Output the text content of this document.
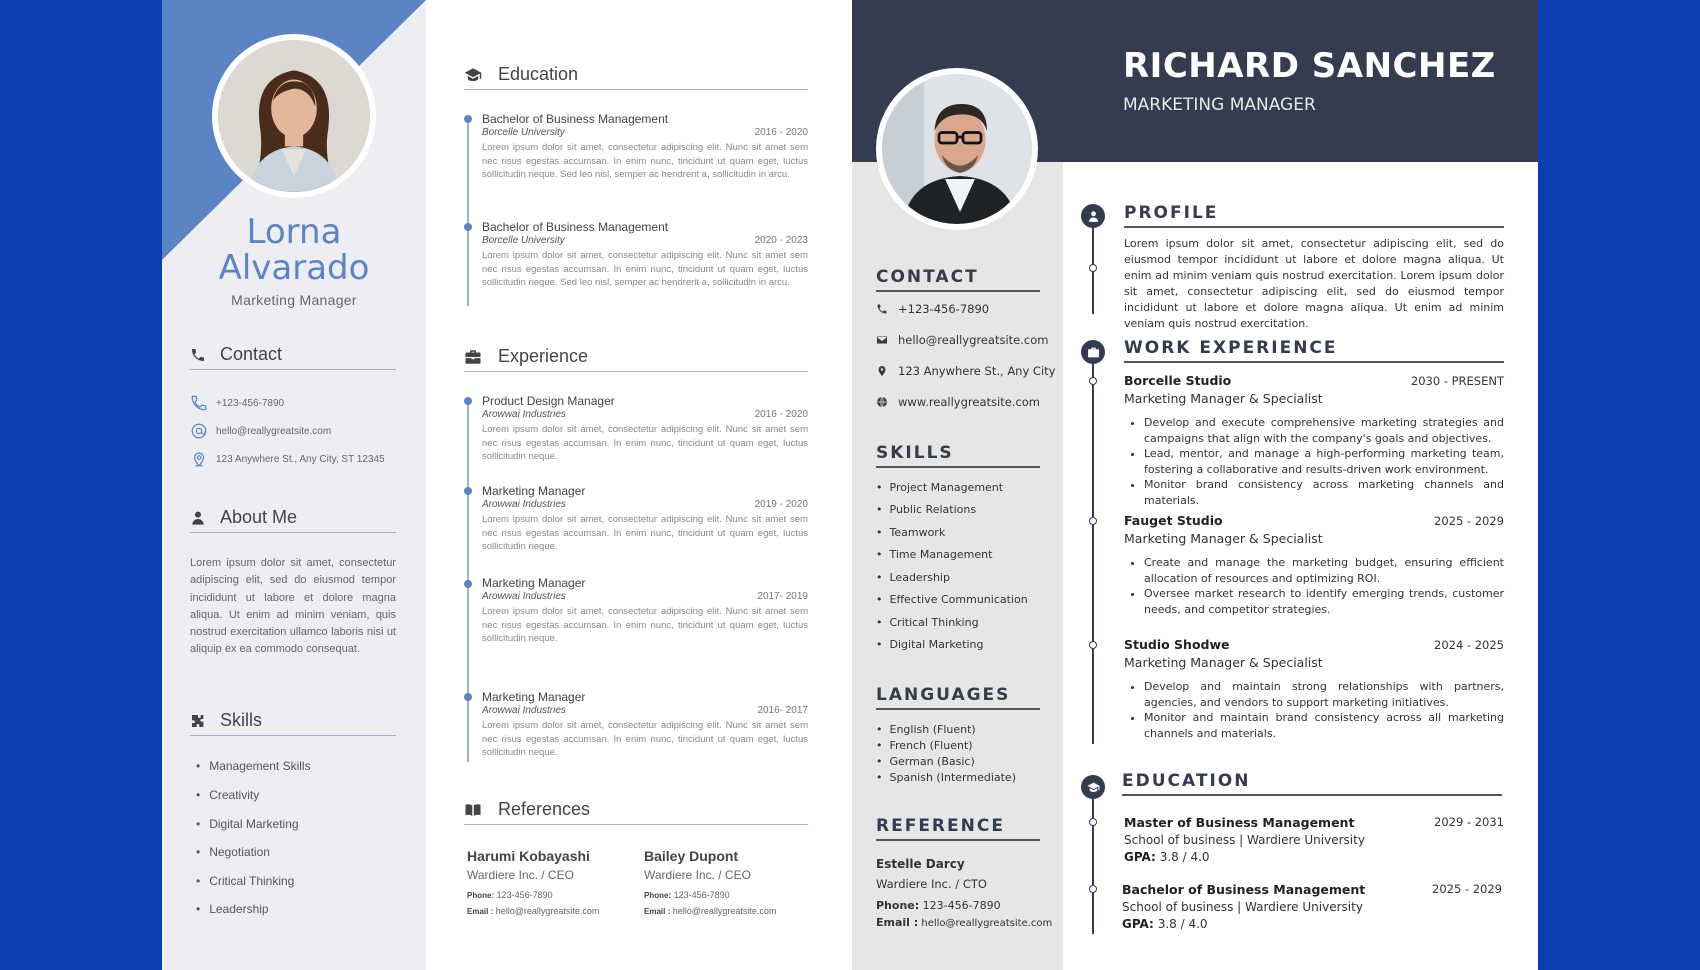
Lorna
Alvarado
Marketing Manager
Contact
+123-456-7890
hello@reallygreatsite.com
123 Anywhere St., Any City, ST 12345
About Me
Lorem ipsum dolor sit amet, consectetur adipiscing elit, sed do eiusmod tempor incididunt ut labore et dolore magna aliqua. Ut enim ad minim veniam, quis nostrud exercitation ullamco laboris nisi ut aliquip ex ea commodo consequat.
Skills
• Management Skills
• Creativity
• Digital Marketing
• Negotiation
• Critical Thinking
• Leadership
Education
Bachelor of Business Management
Borcelle University	2016 - 2020
Lorem ipsum dolor sit amet, consectetur adipiscing elit. Nunc sit amet sem nec risus egestas accumsan. In enim nunc, tincidunt ut quam eget, luctus sollicitudin neque. Sed leo nisl, semper ac hendrerit a, sollicitudin in arcu.
Bachelor of Business Management
Borcelle University	2020 - 2023
Lorem ipsum dolor sit amet, consectetur adipiscing elit. Nunc sit amet sem nec risus egestas accumsan. In enim nunc, tincidunt ut quam eget, luctus sollicitudin neque. Sed leo nisl, semper ac hendrerit a, sollicitudin in arcu.
Experience
Product Design Manager
Arowwai Industries	2016 - 2020
Lorem ipsum dolor sit amet, consectetur adipiscing elit. Nunc sit amet sem nec risus egestas accumsan. In enim nunc, tincidunt ut quam eget, luctus sollicitudin neque.
Marketing Manager
Arowwai Industries	2019 - 2020
Lorem ipsum dolor sit amet, consectetur adipiscing elit. Nunc sit amet sem nec risus egestas accumsan. In enim nunc, tincidunt ut quam eget, luctus sollicitudin neque.
Marketing Manager
Arowwai Industries	2017- 2019
Lorem ipsum dolor sit amet, consectetur adipiscing elit. Nunc sit amet sem nec risus egestas accumsan. In enim nunc, tincidunt ut quam eget, luctus sollicitudin neque.
Marketing Manager
Arowwai Industries	2016- 2017
Lorem ipsum dolor sit amet, consectetur adipiscing elit. Nunc sit amet sem nec risus egestas accumsan. In enim nunc, tincidunt ut quam eget, luctus sollicitudin neque.
References
Harumi Kobayashi
Wardiere Inc. / CEO
Phone: 123-456-7890
Email : hello@reallygreatsite.com
Bailey Dupont
Wardiere Inc. / CEO
Phone: 123-456-7890
Email : hello@reallygreatsite.com
RICHARD SANCHEZ
MARKETING MANAGER
CONTACT
+123-456-7890
hello@reallygreatsite.com
123 Anywhere St., Any City
www.reallygreatsite.com
SKILLS
• Project Management
• Public Relations
• Teamwork
• Time Management
• Leadership
• Effective Communication
• Critical Thinking
• Digital Marketing
LANGUAGES
• English (Fluent)
• French (Fluent)
• German (Basic)
• Spanish (Intermediate)
REFERENCE
Estelle Darcy
Wardiere Inc. / CTO
Phone: 123-456-7890
Email : hello@reallygreatsite.com
PROFILE
Lorem ipsum dolor sit amet, consectetur adipiscing elit, sed do eiusmod tempor incididunt ut labore et dolore magna aliqua. Ut enim ad minim veniam quis nostrud exercitation. Lorem ipsum dolor sit amet, consectetur adipiscing elit, sed do eiusmod tempor incididunt ut labore et dolore magna aliqua. Ut enim ad minim veniam quis nostrud exercitation.
WORK EXPERIENCE
Borcelle Studio	2030 - PRESENT
Marketing Manager & Specialist
• Develop and execute comprehensive marketing strategies and campaigns that align with the company's goals and objectives.
• Lead, mentor, and manage a high-performing marketing team, fostering a collaborative and results-driven work environment.
• Monitor brand consistency across marketing channels and materials.
Fauget Studio	2025 - 2029
Marketing Manager & Specialist
• Create and manage the marketing budget, ensuring efficient allocation of resources and optimizing ROI.
• Oversee market research to identify emerging trends, customer needs, and competitor strategies.
Studio Shodwe	2024 - 2025
Marketing Manager & Specialist
• Develop and maintain strong relationships with partners, agencies, and vendors to support marketing initiatives.
• Monitor and maintain brand consistency across all marketing channels and materials.
EDUCATION
Master of Business Management	2029 - 2031
School of business | Wardiere University
GPA: 3.8 / 4.0
Bachelor of Business Management	2025 - 2029
School of business | Wardiere University
GPA: 3.8 / 4.0
